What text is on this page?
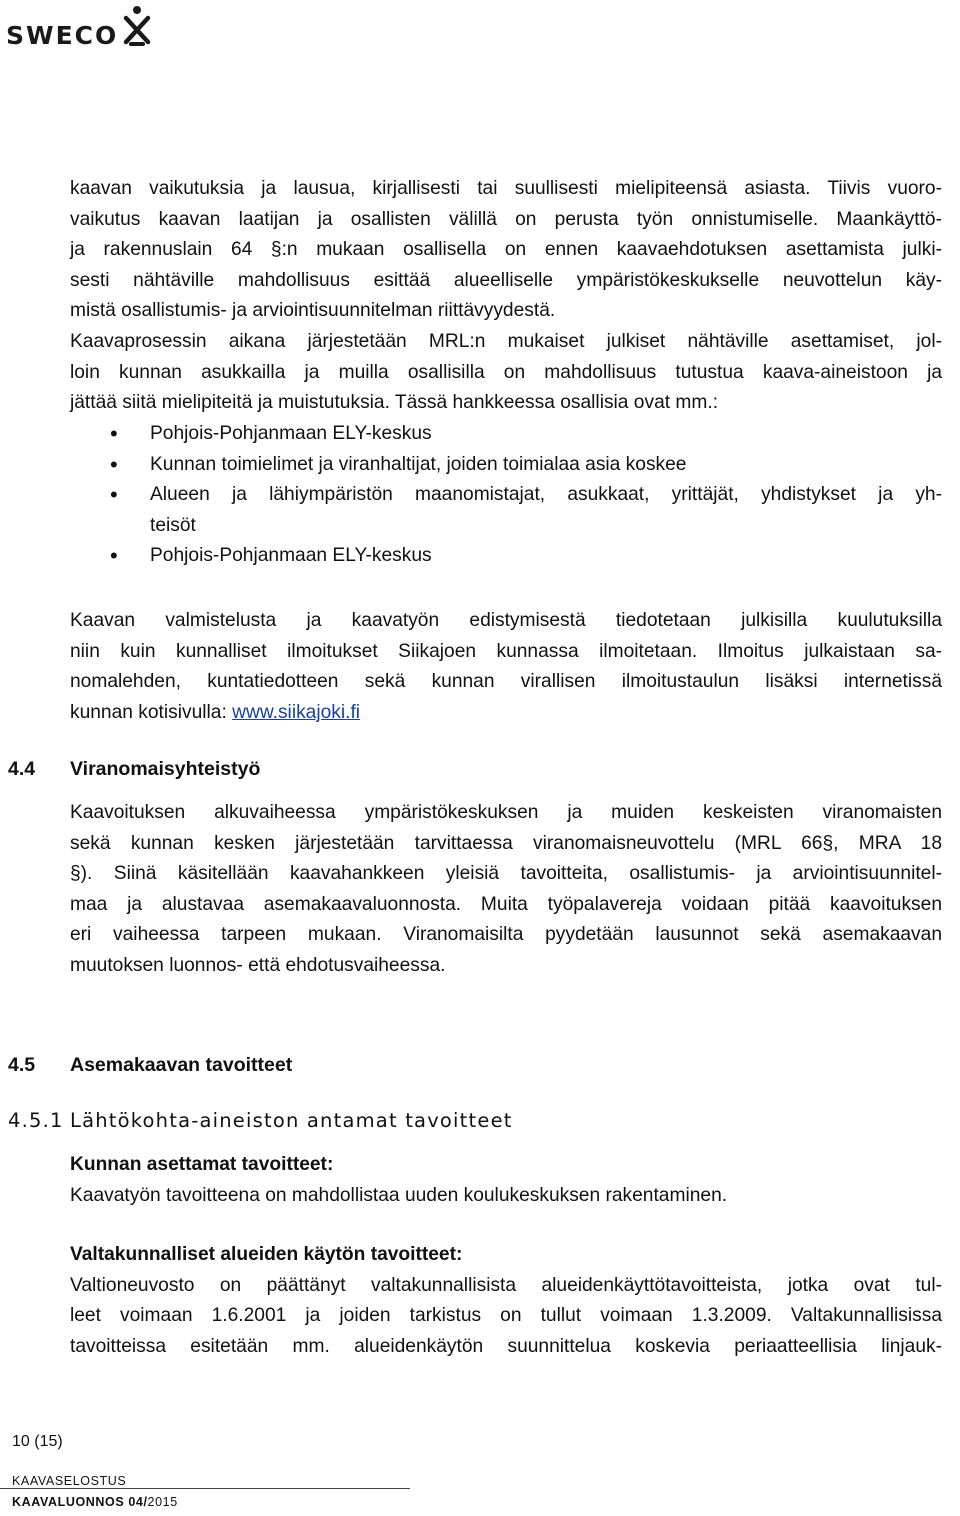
SWECO
kaavan vaikutuksia ja lausua, kirjallisesti tai suullisesti mielipiteensä asiasta. Tiivis vuoro-
vaikutus kaavan laatijan ja osallisten välillä on perusta työn onnistumiselle. Maankäyttö-
ja rakennuslain 64 §:n mukaan osallisella on ennen kaavaehdotuksen asettamista julki-
sesti nähtäville mahdollisuus esittää alueelliselle ympäristökeskukselle neuvottelun käy-
mistä osallistumis- ja arviointisuunnitelman riittävyydestä.
Kaavaprosessin aikana järjestetään MRL:n mukaiset julkiset nähtäville asettamiset, jol-
loin kunnan asukkailla ja muilla osallisilla on mahdollisuus tutustua kaava-aineistoon ja
jättää siitä mielipiteitä ja muistutuksia. Tässä hankkeessa osallisia ovat mm.:
• Pohjois-Pohjanmaan ELY-keskus
• Kunnan toimielimet ja viranhaltijat, joiden toimialaa asia koskee
• Alueen ja lähiympäristön maanomistajat, asukkaat, yrittäjät, yhdistykset ja yh-
teisöt
• Pohjois-Pohjanmaan ELY-keskus
Kaavan valmistelusta ja kaavatyön edistymisestä tiedotetaan julkisilla kuulutuksilla
niin kuin kunnalliset ilmoitukset Siikajoen kunnassa ilmoitetaan. Ilmoitus julkaistaan sa-
nomalehden, kuntatiedotteen sekä kunnan virallisen ilmoitustaulun lisäksi internetissä
kunnan kotisivulla: www.siikajoki.fi
4.4	Viranomaisyhteistyö
Kaavoituksen alkuvaiheessa ympäristökeskuksen ja muiden keskeisten viranomaisten
sekä kunnan kesken järjestetään tarvittaessa viranomaisneuvottelu (MRL 66§, MRA 18
§). Siinä käsitellään kaavahankkeen yleisiä tavoitteita, osallistumis- ja arviointisuunnitel-
maa ja alustavaa asemakaavaluonnosta. Muita työpalavereja voidaan pitää kaavoituksen
eri vaiheessa tarpeen mukaan. Viranomaisilta pyydetään lausunnot sekä asemakaavan
muutoksen luonnos- että ehdotusvaiheessa.
4.5	Asemakaavan tavoitteet
4.5.1 Lähtökohta-aineiston antamat tavoitteet
Kunnan asettamat tavoitteet:
Kaavatyön tavoitteena on mahdollistaa uuden koulukeskuksen rakentaminen.
Valtakunnalliset alueiden käytön tavoitteet:
Valtioneuvosto on päättänyt valtakunnallisista alueidenkäyttötavoitteista, jotka ovat tul-
leet voimaan 1.6.2001 ja joiden tarkistus on tullut voimaan 1.3.2009. Valtakunnallisissa
tavoitteissa esitetään mm. alueidenkäytön suunnittelua koskevia periaatteellisia linjauk-
10 (15)
KAAVASELOSTUS
KAAVALUONNOS 04/2015
